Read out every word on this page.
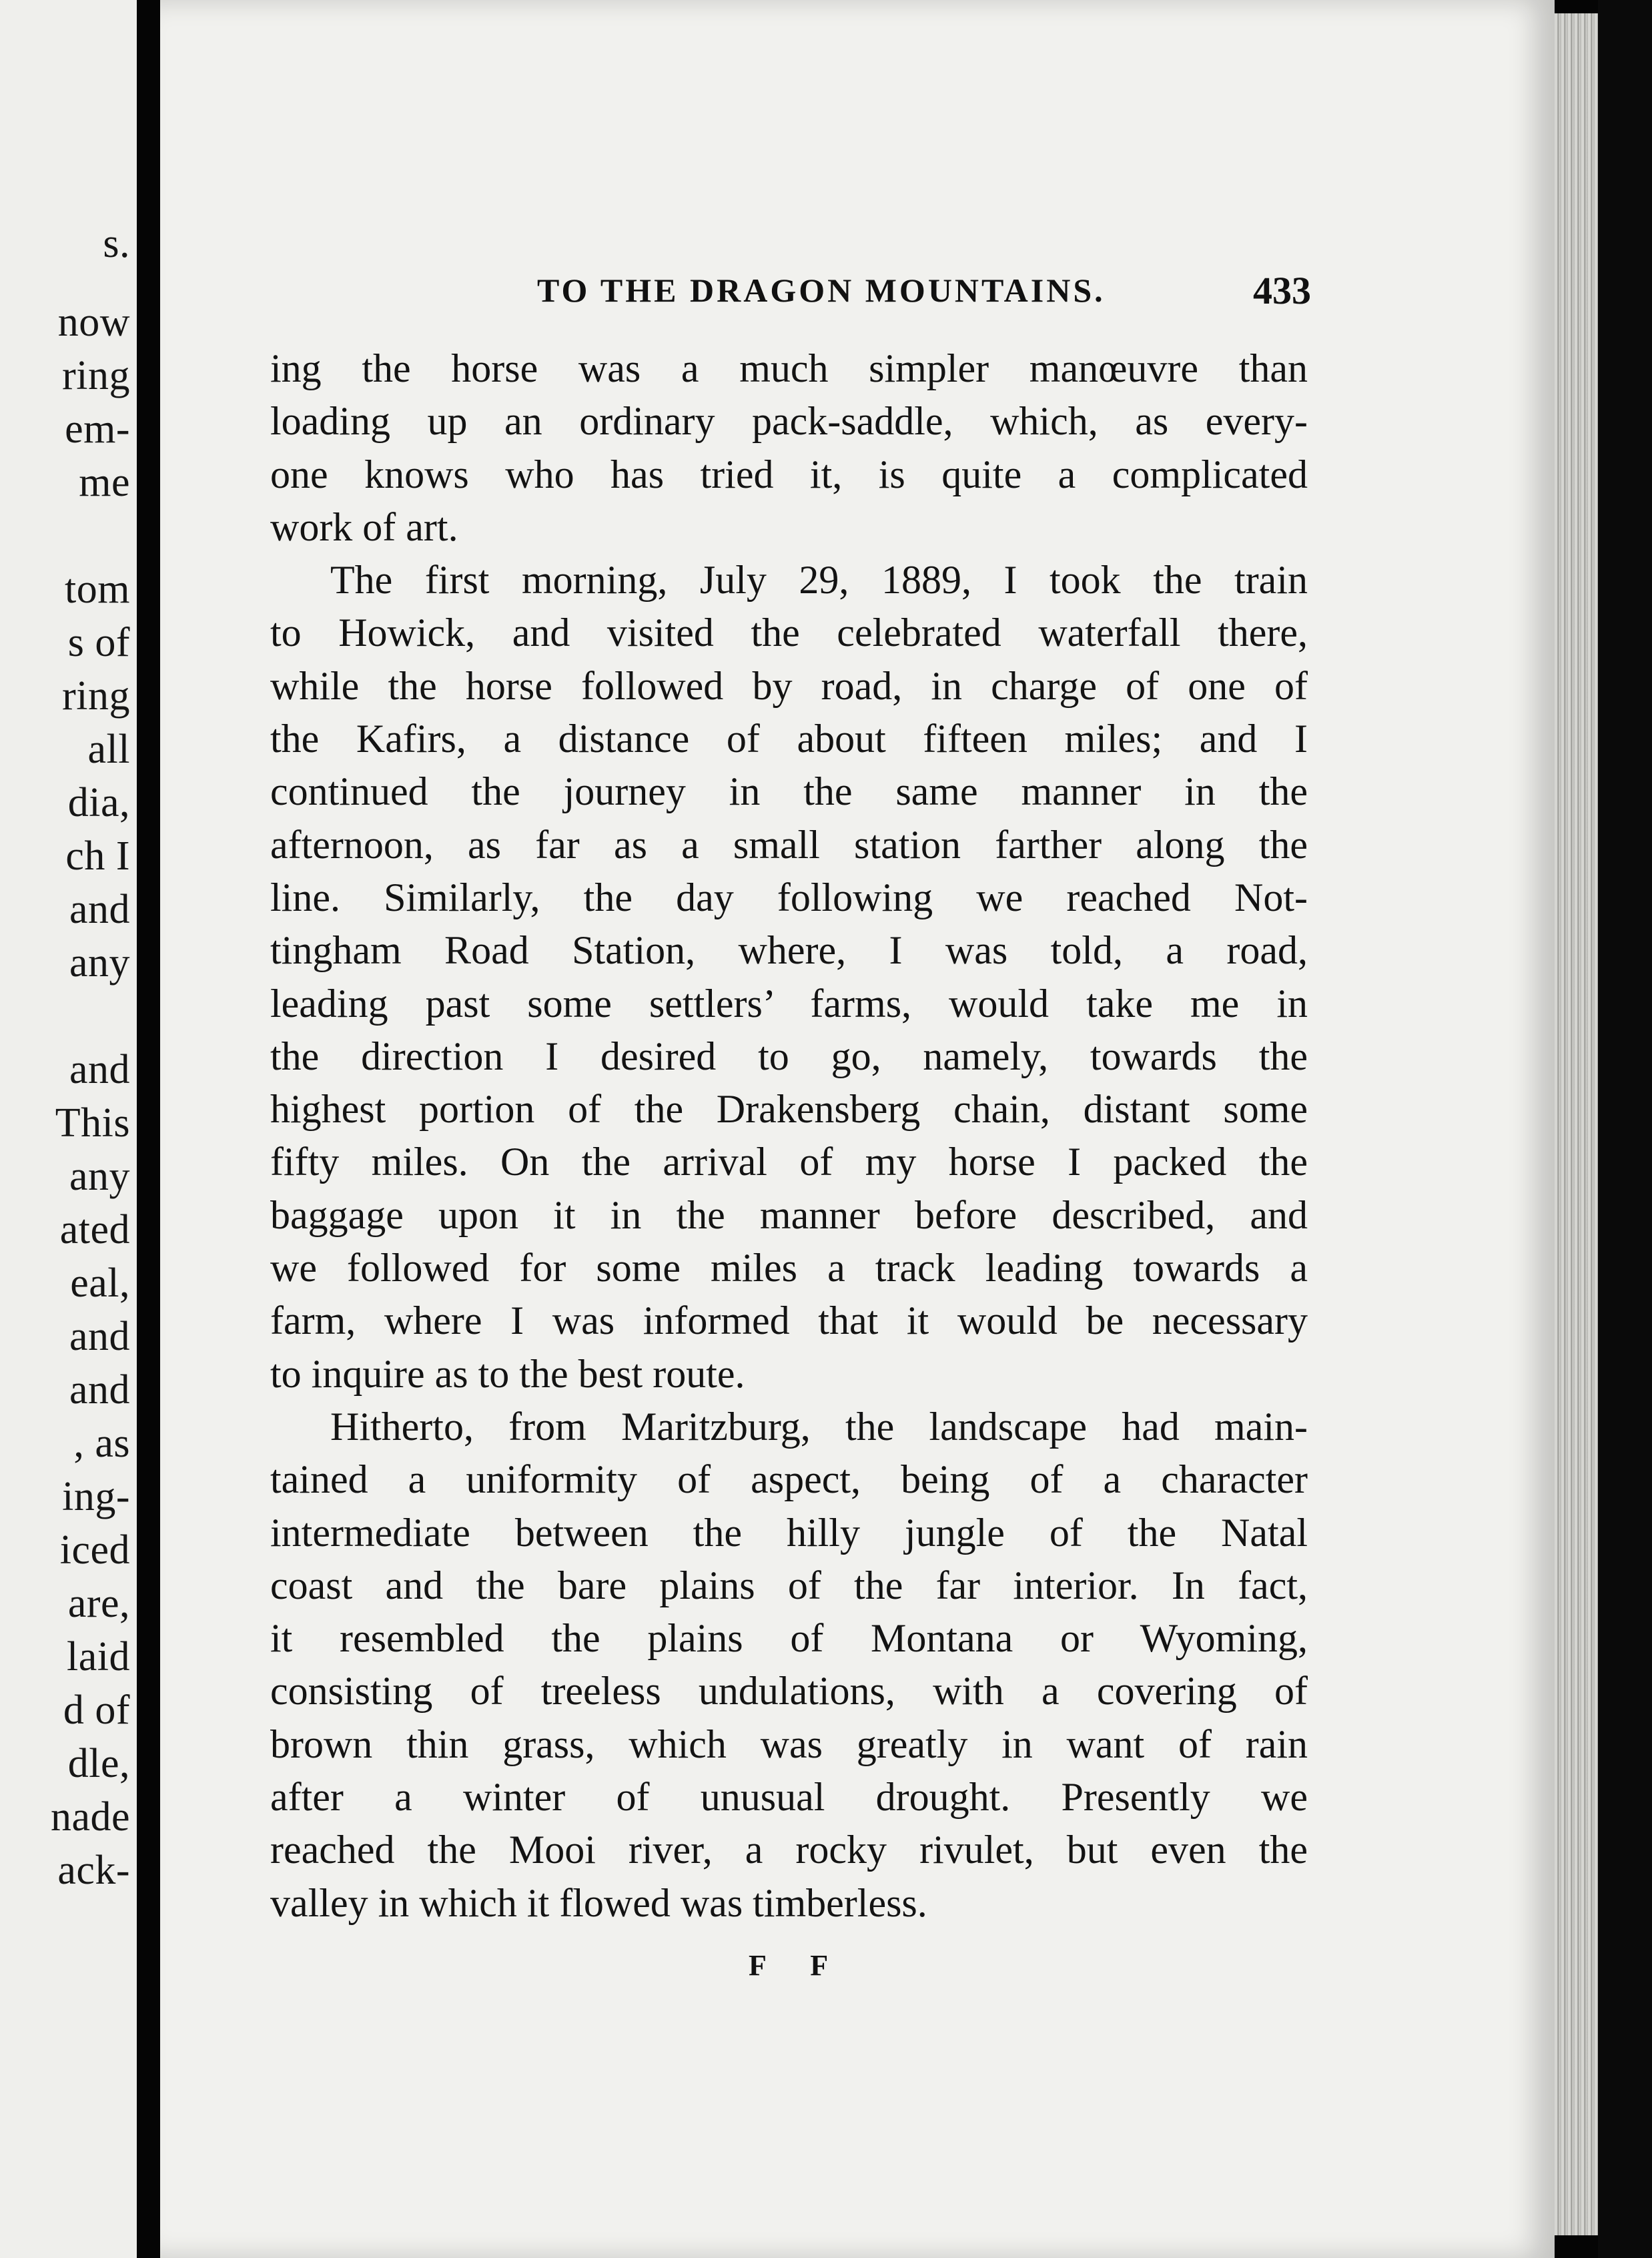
s.
now
ring
em-
me
tom
s of
ring
all
dia,
ch I
and
any
and
This
any
ated
eal,
and
and
, as
ing-
iced
are,
laid
d of
dle,
nade
ack-
TO THE DRAGON MOUNTAINS.	433
ing the horse was a much simpler manœuvre than
loading up an ordinary pack-saddle, which, as every-
one knows who has tried it, is quite a complicated
work of art.
The first morning, July 29, 1889, I took the train
to Howick, and visited the celebrated waterfall there,
while the horse followed by road, in charge of one of
the Kafirs, a distance of about fifteen miles; and I
continued the journey in the same manner in the
afternoon, as far as a small station farther along the
line. Similarly, the day following we reached Not-
tingham Road Station, where, I was told, a road,
leading past some settlers’ farms, would take me in
the direction I desired to go, namely, towards the
highest portion of the Drakensberg chain, distant some
fifty miles. On the arrival of my horse I packed the
baggage upon it in the manner before described, and
we followed for some miles a track leading towards a
farm, where I was informed that it would be necessary
to inquire as to the best route.
Hitherto, from Maritzburg, the landscape had main-
tained a uniformity of aspect, being of a character
intermediate between the hilly jungle of the Natal
coast and the bare plains of the far interior. In fact,
it resembled the plains of Montana or Wyoming,
consisting of treeless undulations, with a covering of
brown thin grass, which was greatly in want of rain
after a winter of unusual drought. Presently we
reached the Mooi river, a rocky rivulet, but even the
valley in which it flowed was timberless.
F F
